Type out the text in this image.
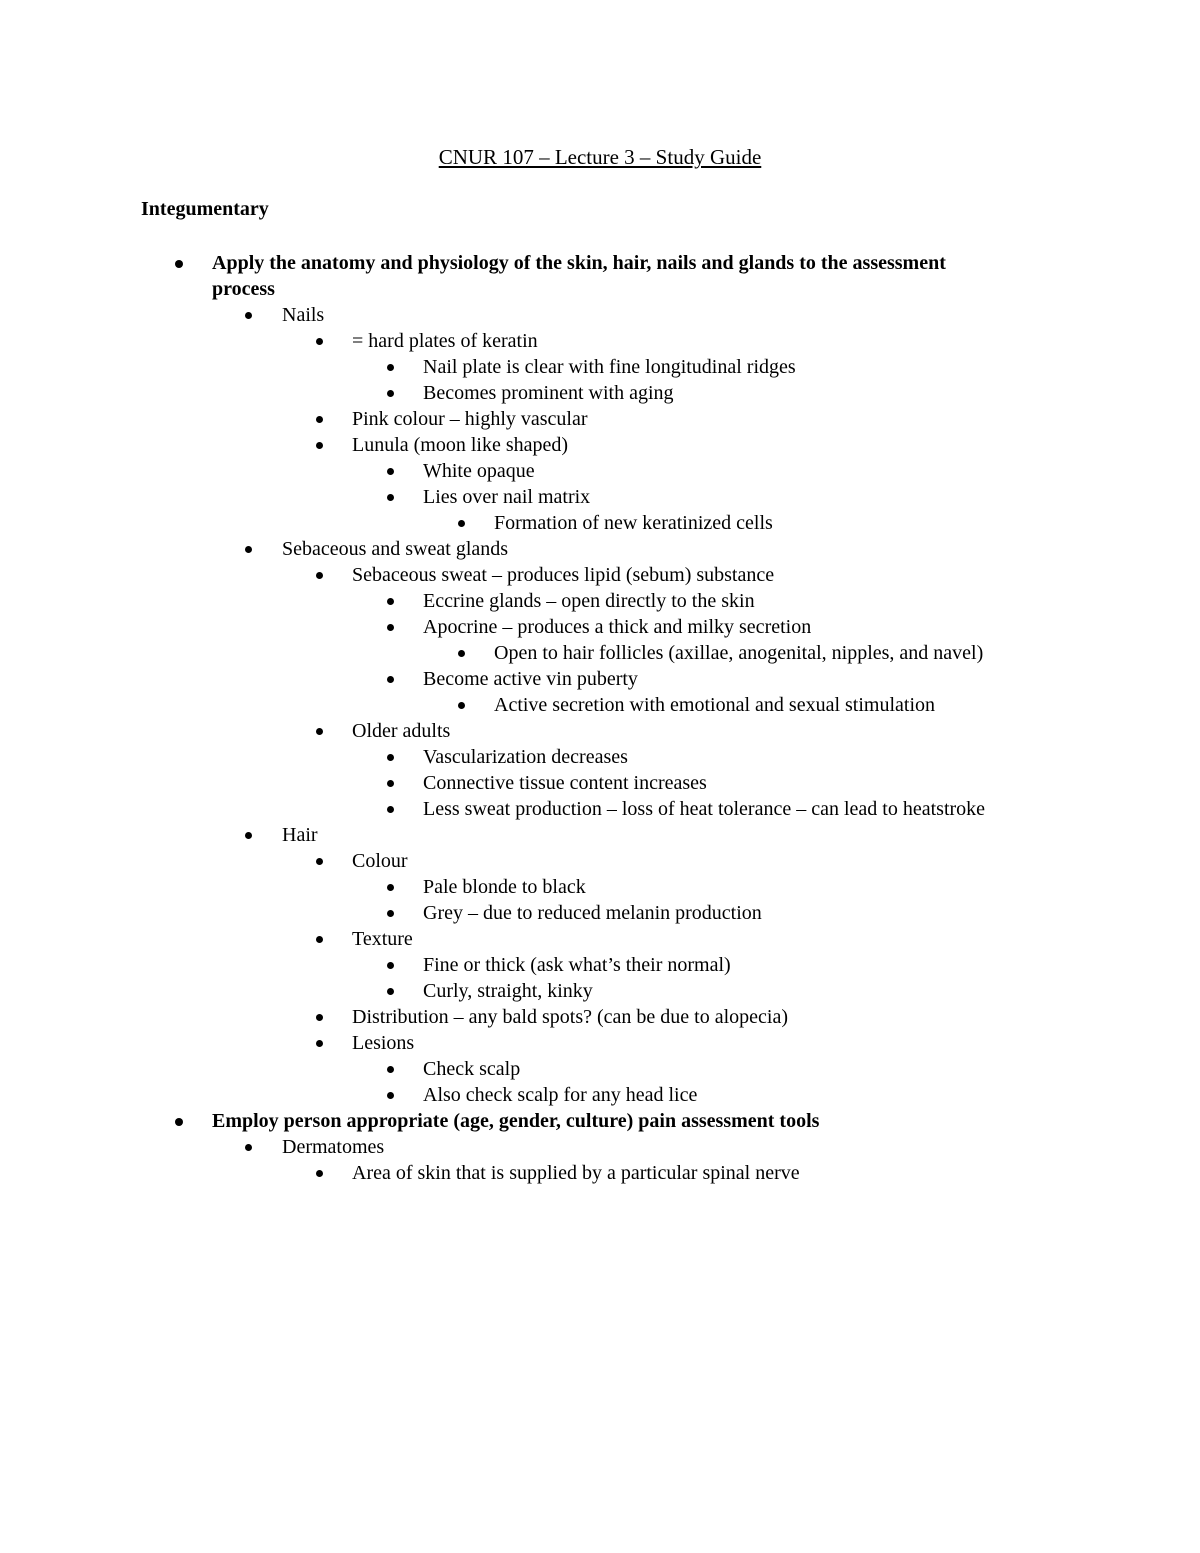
CNUR 107 – Lecture 3 – Study Guide
Integumentary
Apply the anatomy and physiology of the skin, hair, nails and glands to the assessment
process
Nails
= hard plates of keratin
Nail plate is clear with fine longitudinal ridges
Becomes prominent with aging
Pink colour – highly vascular
Lunula (moon like shaped)
White opaque
Lies over nail matrix
Formation of new keratinized cells
Sebaceous and sweat glands
Sebaceous sweat – produces lipid (sebum) substance
Eccrine glands – open directly to the skin
Apocrine – produces a thick and milky secretion
Open to hair follicles (axillae, anogenital, nipples, and navel)
Become active vin puberty
Active secretion with emotional and sexual stimulation
Older adults
Vascularization decreases
Connective tissue content increases
Less sweat production – loss of heat tolerance – can lead to heatstroke
Hair
Colour
Pale blonde to black
Grey – due to reduced melanin production
Texture
Fine or thick (ask what’s their normal)
Curly, straight, kinky
Distribution – any bald spots? (can be due to alopecia)
Lesions
Check scalp
Also check scalp for any head lice
Employ person appropriate (age, gender, culture) pain assessment tools
Dermatomes
Area of skin that is supplied by a particular spinal nerve
